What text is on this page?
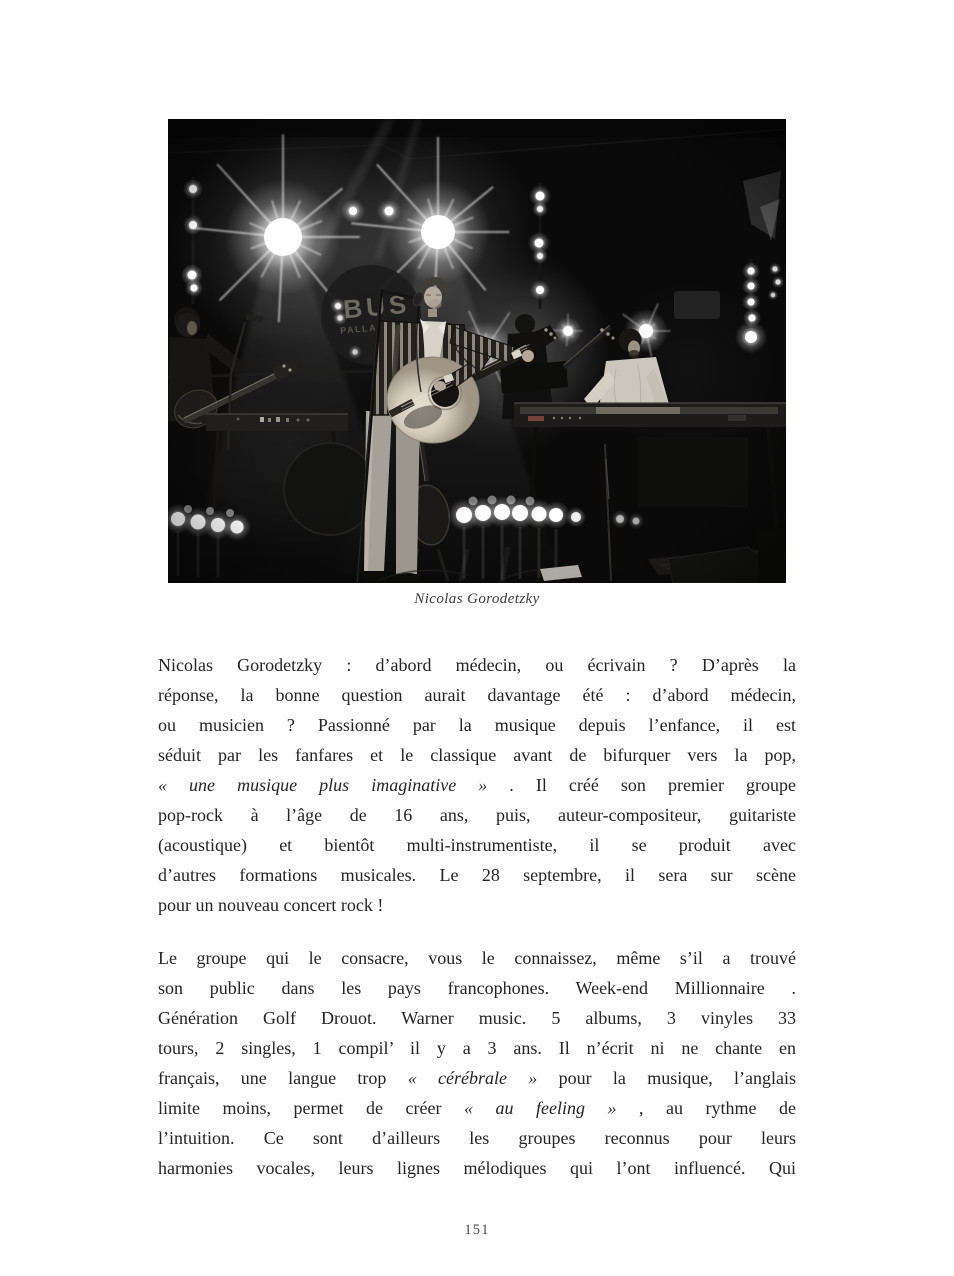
Nicolas Gorodetzky
Nicolas Gorodetzky : d’abord médecin, ou écrivain ? D’après la
réponse, la bonne question aurait davantage été : d’abord médecin,
ou musicien ? Passionné par la musique depuis l’enfance, il est
séduit par les fanfares et le classique avant de bifurquer vers la pop,
« une musique plus imaginative » . Il créé son premier groupe
pop-rock à l’âge de 16 ans, puis, auteur-compositeur, guitariste
(acoustique) et bientôt multi-instrumentiste, il se produit avec
d’autres formations musicales. Le 28 septembre, il sera sur scène
pour un nouveau concert rock !
Le groupe qui le consacre, vous le connaissez, même s’il a trouvé
son public dans les pays francophones. Week-end Millionnaire .
Génération Golf Drouot. Warner music. 5 albums, 3 vinyles 33
tours, 2 singles, 1 compil’ il y a 3 ans. Il n’écrit ni ne chante en
français, une langue trop « cérébrale » pour la musique, l’anglais
limite moins, permet de créer « au feeling » , au rythme de
l’intuition. Ce sont d’ailleurs les groupes reconnus pour leurs
harmonies vocales, leurs lignes mélodiques qui l’ont influencé. Qui
151
